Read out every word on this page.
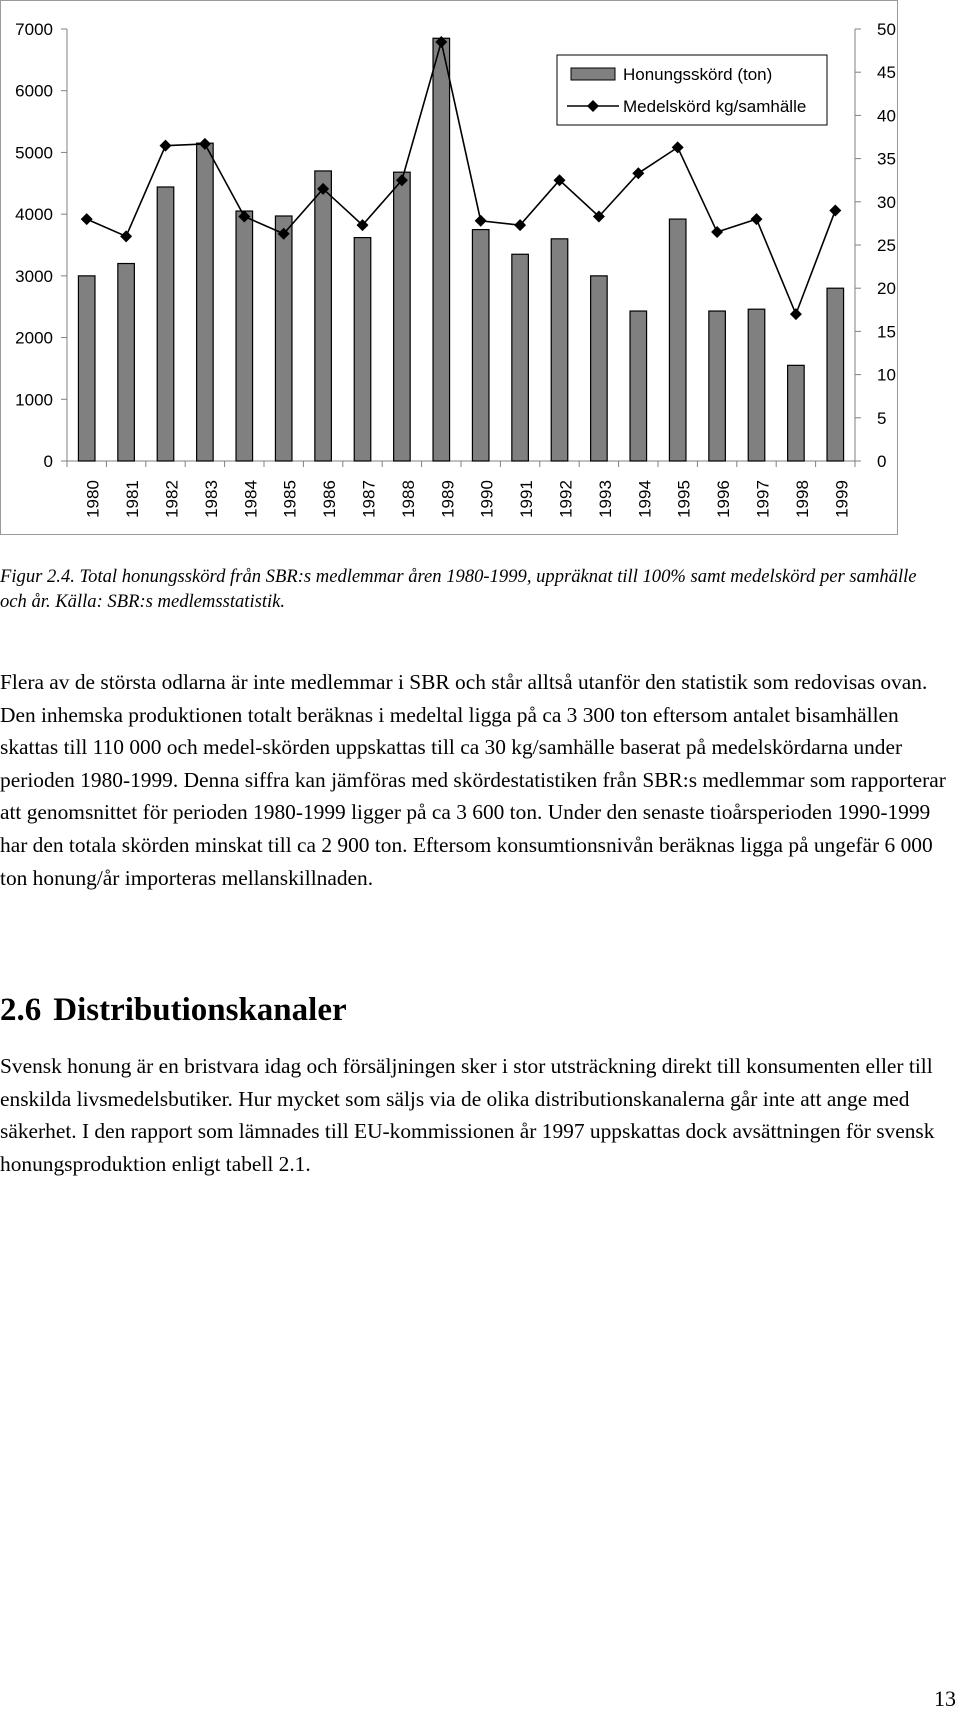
0
1000
2000
3000
4000
5000
6000
7000
0
5
10
15
20
25
30
35
40
45
50
1980 1981 1982 1983 1984 1985 1986 1987 1988 1989 1990 1991 1992 1993 1994 1995 1996 1997 1998 1999
Honungsskörd (ton)
Medelskörd kg/samhälle

Figur 2.4. Total honungsskörd från SBR:s medlemmar åren 1980-1999, uppräknat till 100% samt medelskörd per samhälle och år. Källa: SBR:s medlemsstatistik.

Flera av de största odlarna är inte medlemmar i SBR och står alltså utanför den statistik som redovisas ovan. Den inhemska produktionen totalt beräknas i medeltal ligga på ca 3 300 ton eftersom antalet bisamhällen skattas till 110 000 och medel-skörden uppskattas till ca 30 kg/samhälle baserat på medelskördarna under perioden 1980-1999. Denna siffra kan jämföras med skördestatistiken från SBR:s medlemmar som rapporterar att genomsnittet för perioden 1980-1999 ligger på ca 3 600 ton. Under den senaste tioårsperioden 1990-1999 har den totala skörden minskat till ca 2 900 ton. Eftersom konsumtionsnivån beräknas ligga på ungefär 6 000 ton honung/år importeras mellanskillnaden.

2.6 Distributionskanaler

Svensk honung är en bristvara idag och försäljningen sker i stor utsträckning direkt till konsumenten eller till enskilda livsmedelsbutiker. Hur mycket som säljs via de olika distributionskanalerna går inte att ange med säkerhet. I den rapport som lämnades till EU-kommissionen år 1997 uppskattas dock avsättningen för svensk honungsproduktion enligt tabell 2.1.

13
